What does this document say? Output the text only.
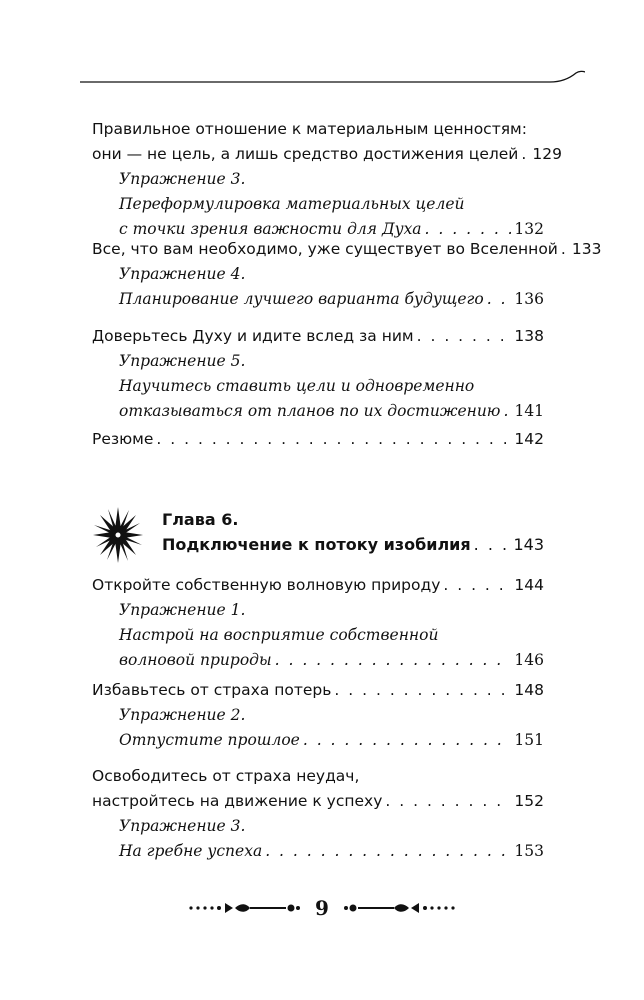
Правильное отношение к материальным ценностям:
они — не цель, а лишь средство достижения целей . . . 129
Упражнение 3.
Переформулировка материальных целей
с точки зрения важности для Духа . . .	132
Все, что вам необходимо, уже существует во Вселенной . . . 133
Упражнение 4.
Планирование лучшего варианта будущего . . . 136
Доверьтесь Духу и идите вслед за ним . . .	138
Упражнение 5.
Научитесь ставить цели и одновременно
отказываться от планов по их достижению . . . 141
Резюме . . .	142
Глава 6.
Подключение к потоку изобилия . . .	143
Откройте собственную волновую природу . . .	144
Упражнение 1.
Настрой на восприятие собственной
волновой природы . . .	146
Избавьтесь от страха потерь . . .	148
Упражнение 2.
Отпустите прошлое . . .	151
Освободитесь от страха неудач,
настройтесь на движение к успеху . . .	152
Упражнение 3.
На гребне успеха . . .	153
9
